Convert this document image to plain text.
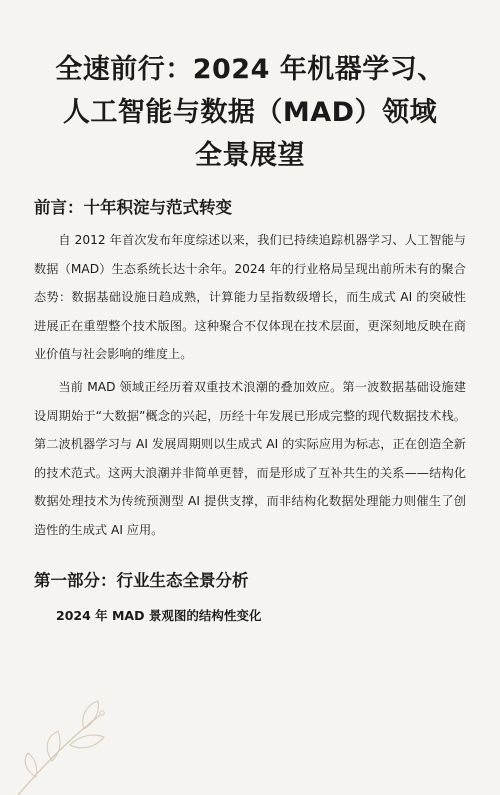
全速前行：2024 年机器学习、
人工智能与数据（MAD）领域
全景展望
前言：十年积淀与范式转变

自 2012 年首次发布年度综述以来，我们已持续追踪机器学习、人工智能与数据（MAD）生态系统长达十余年。2024 年的行业格局呈现出前所未有的聚合态势：数据基础设施日趋成熟，计算能力呈指数级增长，而生成式 AI 的突破性进展正在重塑整个技术版图。这种聚合不仅体现在技术层面，更深刻地反映在商业价值与社会影响的维度上。

当前 MAD 领域正经历着双重技术浪潮的叠加效应。第一波数据基础设施建设周期始于“大数据”概念的兴起，历经十年发展已形成完整的现代数据技术栈。第二波机器学习与 AI 发展周期则以生成式 AI 的实际应用为标志，正在创造全新的技术范式。这两大浪潮并非简单更替，而是形成了互补共生的关系——结构化数据处理技术为传统预测型 AI 提供支撑，而非结构化数据处理能力则催生了创造性的生成式 AI 应用。

第一部分：行业生态全景分析
2024 年 MAD 景观图的结构性变化
